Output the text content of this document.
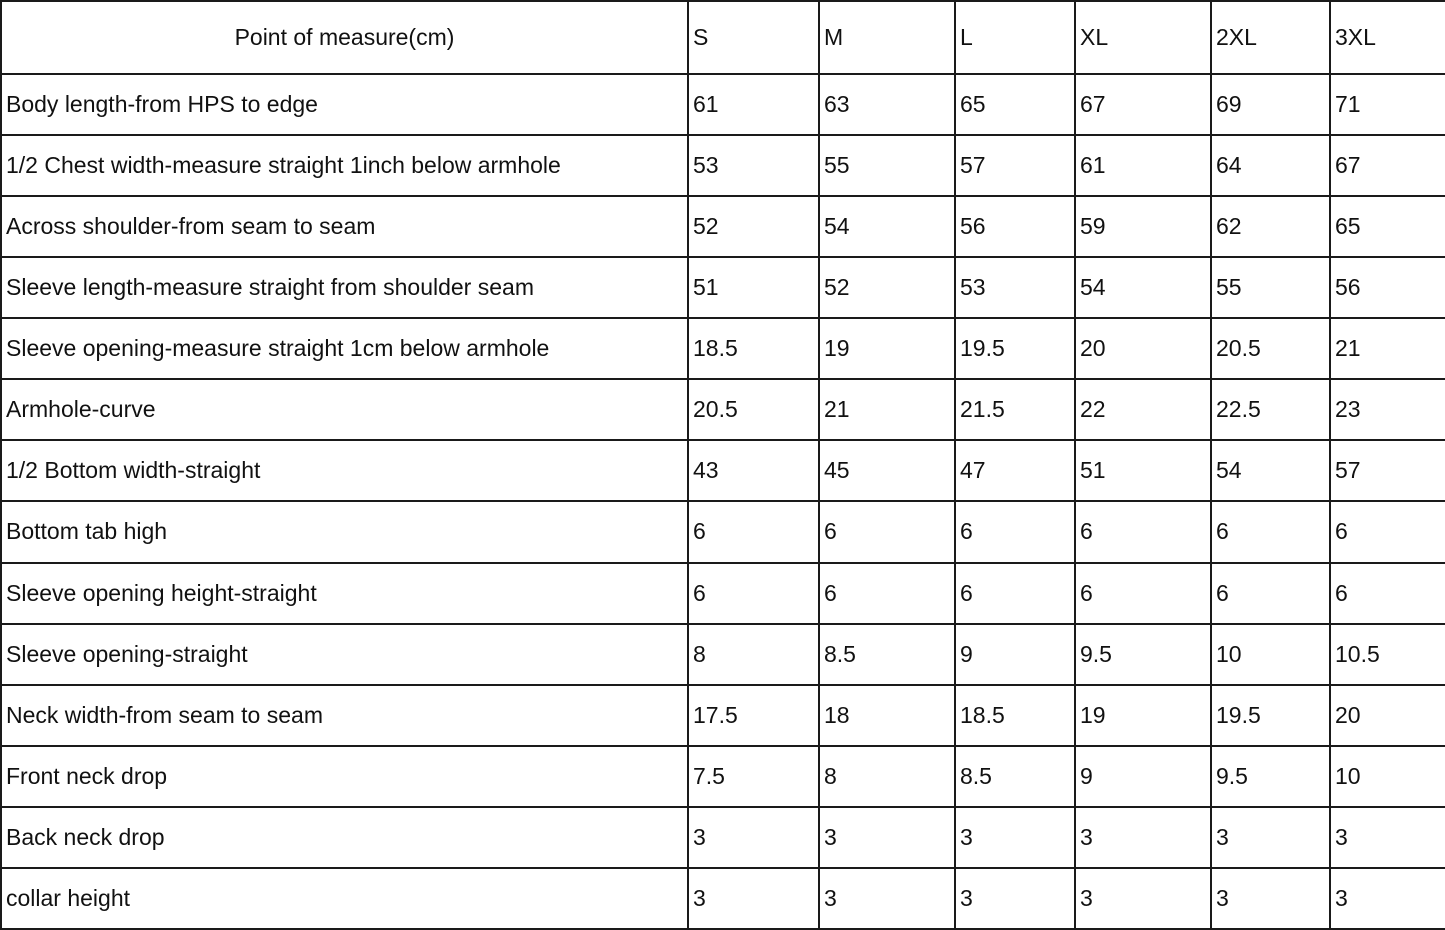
Point of measure(cm)	S	M	L	XL	2XL	3XL
Body length-from HPS to edge	61	63	65	67	69	71
1/2 Chest width-measure straight 1inch below armhole	53	55	57	61	64	67
Across shoulder-from seam to seam	52	54	56	59	62	65
Sleeve length-measure straight from shoulder seam	51	52	53	54	55	56
Sleeve opening-measure straight 1cm below armhole	18.5	19	19.5	20	20.5	21
Armhole-curve	20.5	21	21.5	22	22.5	23
1/2 Bottom width-straight	43	45	47	51	54	57
Bottom tab high	6	6	6	6	6	6
Sleeve opening height-straight	6	6	6	6	6	6
Sleeve opening-straight	8	8.5	9	9.5	10	10.5
Neck width-from seam to seam	17.5	18	18.5	19	19.5	20
Front neck drop	7.5	8	8.5	9	9.5	10
Back neck drop	3	3	3	3	3	3
collar height	3	3	3	3	3	3
